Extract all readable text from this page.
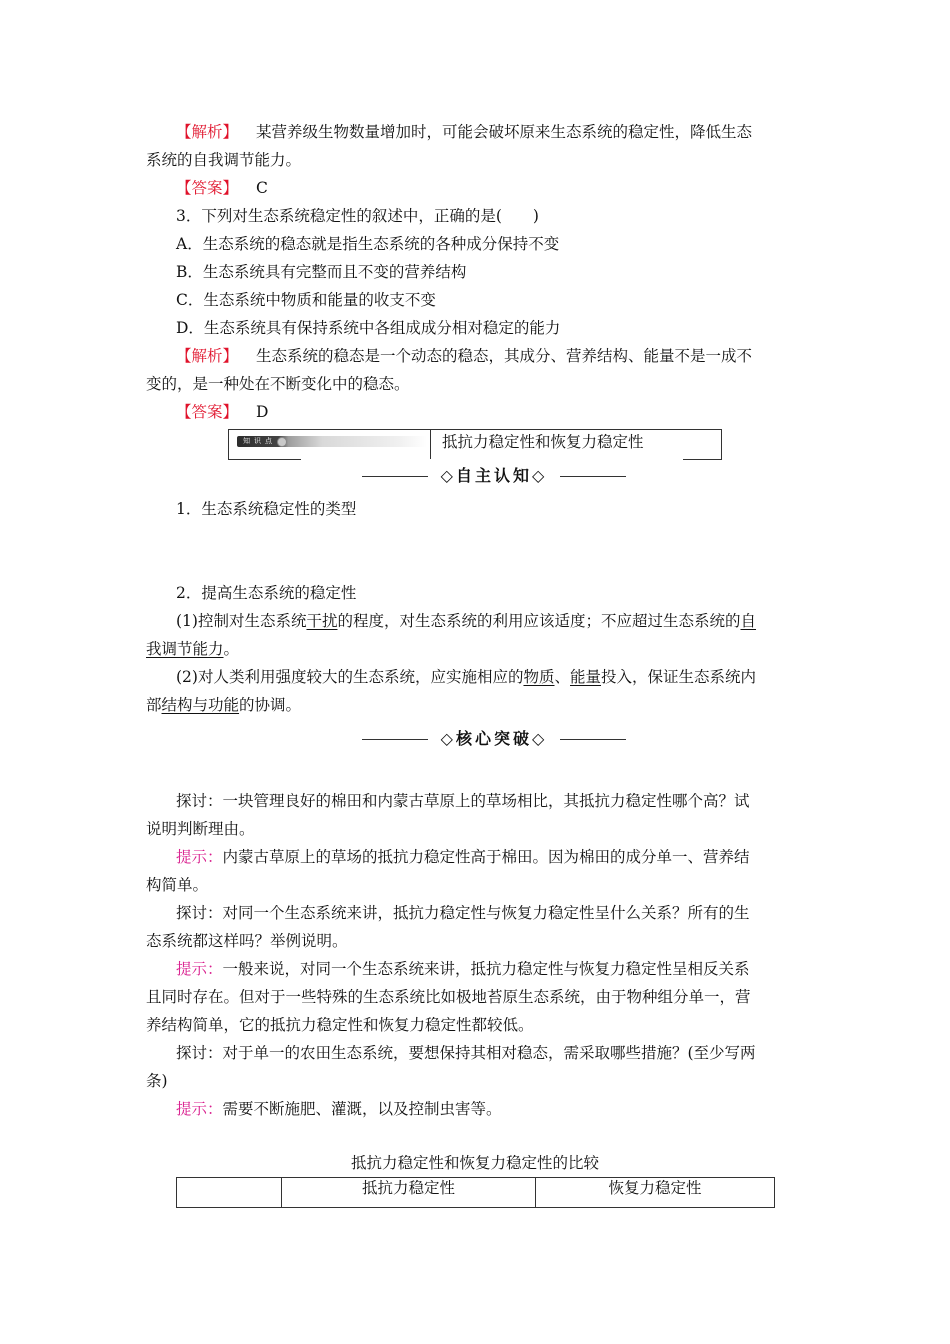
【解析】 某营养级生物数量增加时，可能会破坏原来生态系统的稳定性，降低生态
系统的自我调节能力。
【答案】 C
3．下列对生态系统稳定性的叙述中，正确的是(　　)
A．生态系统的稳态就是指生态系统的各种成分保持不变
B．生态系统具有完整而且不变的营养结构
C．生态系统中物质和能量的收支不变
D．生态系统具有保持系统中各组成成分相对稳定的能力
【解析】 生态系统的稳态是一个动态的稳态，其成分、营养结构、能量不是一成不
变的，是一种处在不断变化中的稳态。
【答案】 D
知识点	抵抗力稳定性和恢复力稳定性
◇自主认知◇
1．生态系统稳定性的类型
2．提高生态系统的稳定性
(1)控制对生态系统干扰的程度，对生态系统的利用应该适度；不应超过生态系统的自
我调节能力。
(2)对人类利用强度较大的生态系统，应实施相应的物质、能量投入，保证生态系统内
部结构与功能的协调。
◇核心突破◇
探讨：一块管理良好的棉田和内蒙古草原上的草场相比，其抵抗力稳定性哪个高？试
说明判断理由。
提示：内蒙古草原上的草场的抵抗力稳定性高于棉田。因为棉田的成分单一、营养结
构简单。
探讨：对同一个生态系统来讲，抵抗力稳定性与恢复力稳定性呈什么关系？所有的生
态系统都这样吗？举例说明。
提示：一般来说，对同一个生态系统来讲，抵抗力稳定性与恢复力稳定性呈相反关系
且同时存在。但对于一些特殊的生态系统比如极地苔原生态系统，由于物种组分单一，营
养结构简单，它的抵抗力稳定性和恢复力稳定性都较低。
探讨：对于单一的农田生态系统，要想保持其相对稳态，需采取哪些措施？(至少写两
条)
提示：需要不断施肥、灌溉，以及控制虫害等。
抵抗力稳定性和恢复力稳定性的比较
	抵抗力稳定性	恢复力稳定性
